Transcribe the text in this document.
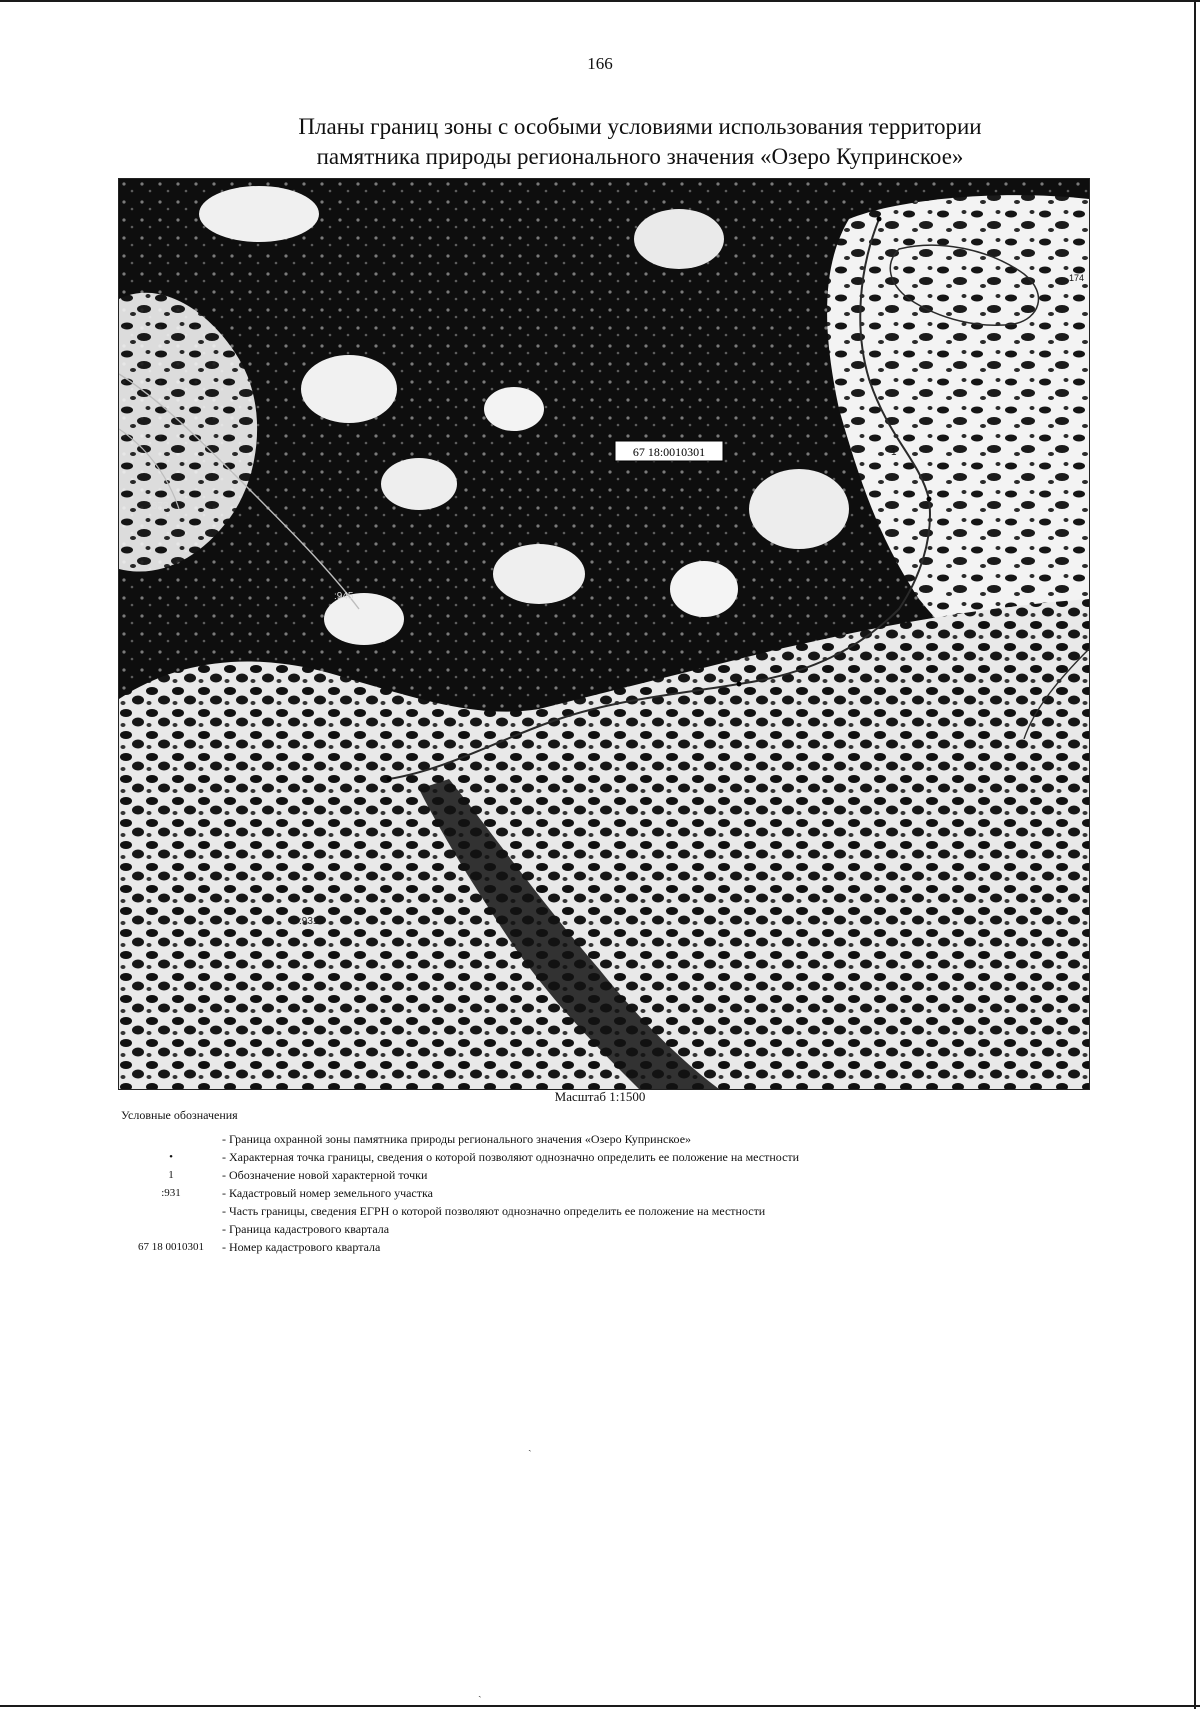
166
Планы границ зоны с особыми условиями использования территории
памятника природы регионального значения «Озеро Купринское»
67 18:0010301
:945
:673
:931
1
174
Масштаб 1:1500
Условные обозначения
- Граница охранной зоны памятника природы регионального значения «Озеро Купринское»
•	- Характерная точка границы, сведения о которой позволяют однозначно определить ее положение на местности
1	- Обозначение новой характерной точки
:931	- Кадастровый номер земельного участка
- Часть границы, сведения ЕГРН о которой позволяют однозначно определить ее положение на местности
- Граница кадастрового квартала
67 18 0010301	- Номер кадастрового квартала
ˏ
ˏ
